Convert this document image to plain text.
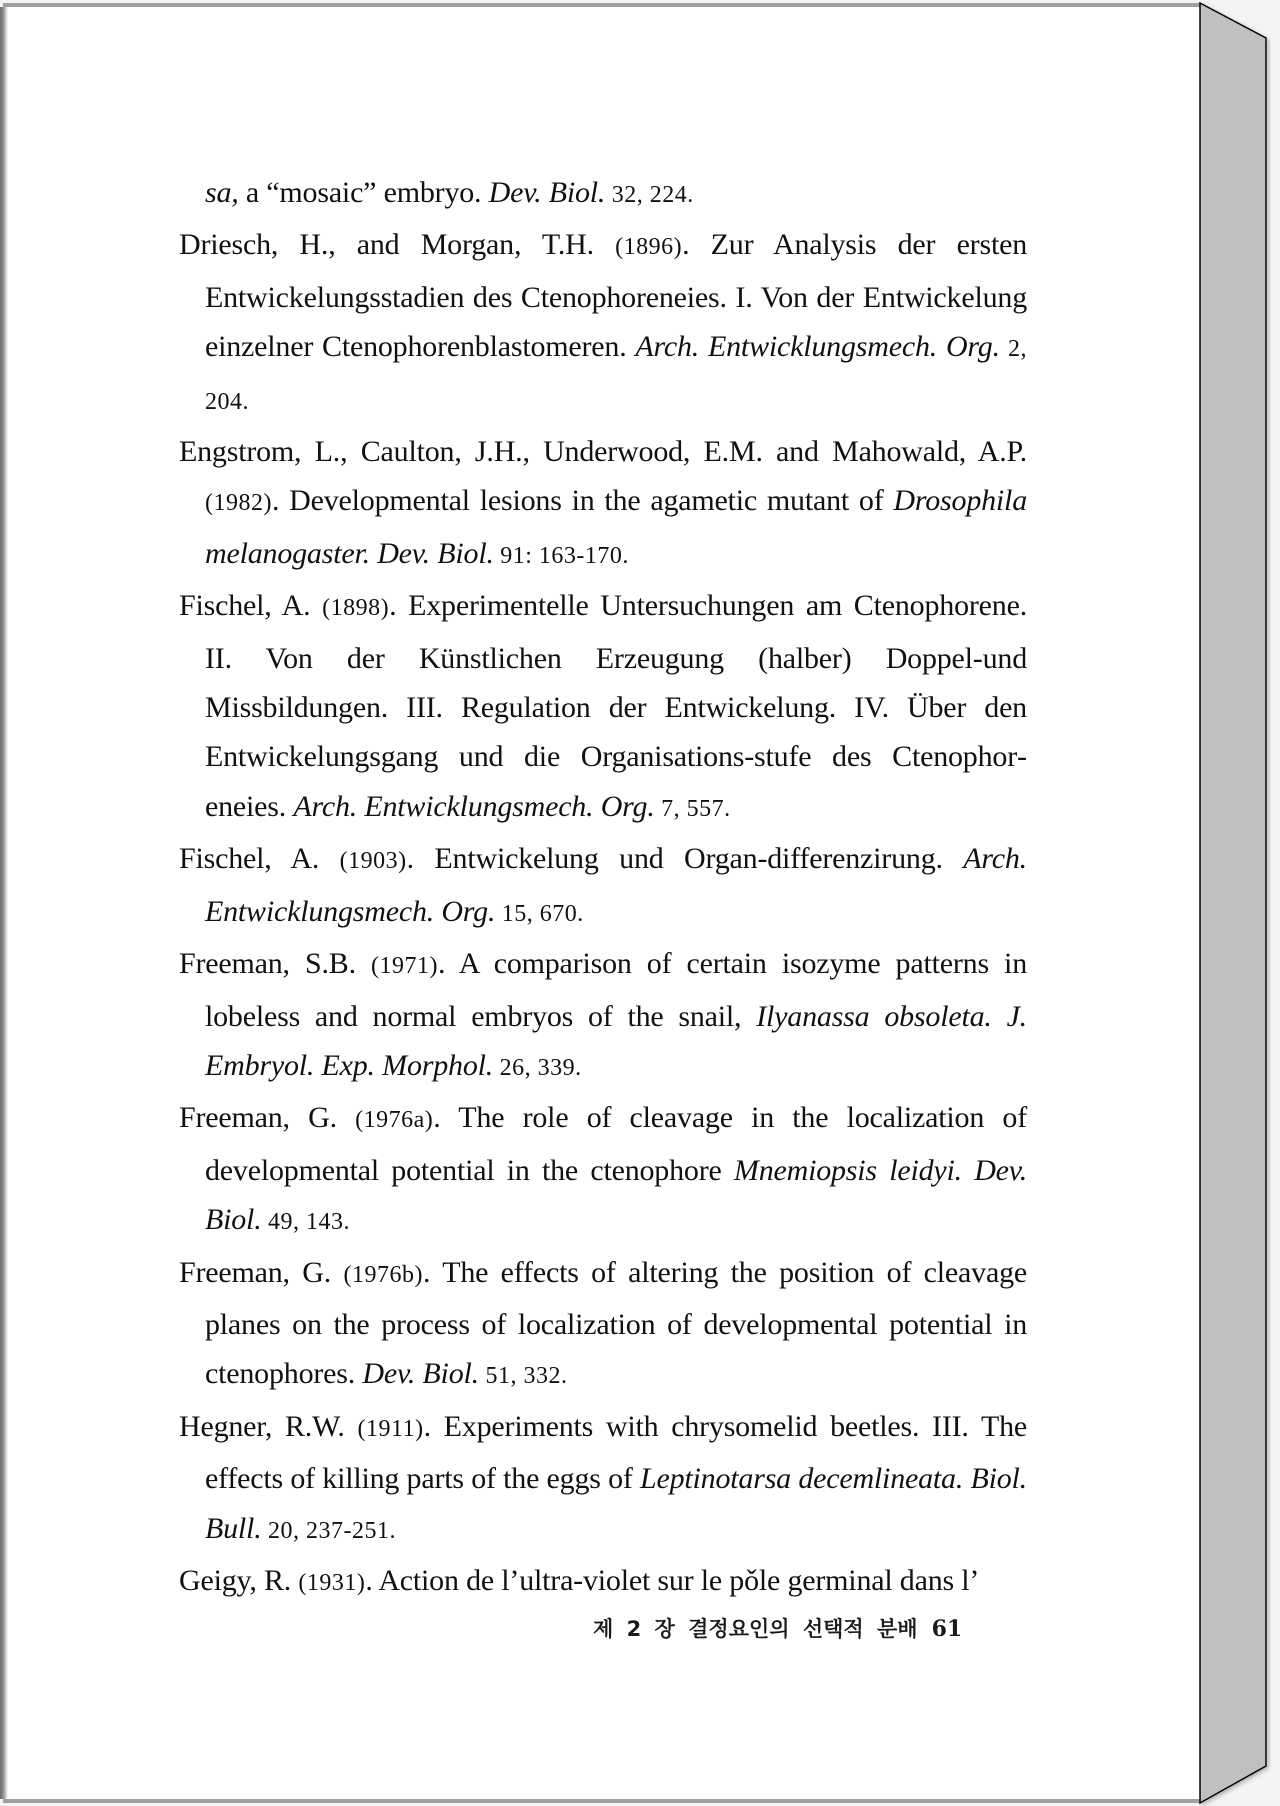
sa, a “mosaic” embryo. Dev. Biol. 32, 224.

Driesch, H., and Morgan, T.H. (1896). Zur Analysis der ersten Entwickelungsstadien des Ctenophoreneies. I. Von der Entwickelung einzelner Ctenophorenblastomeren. Arch. Entwicklungsmech. Org. 2, 204.

Engstrom, L., Caulton, J.H., Underwood, E.M. and Mahowald, A.P. (1982). Developmental lesions in the agametic mutant of Drosophila melanogaster. Dev. Biol. 91: 163-170.

Fischel, A. (1898). Experimentelle Untersuchungen am Ctenophorene. II. Von der Künstlichen Erzeugung (halber) Doppel-und Missbildungen. III. Regulation der Entwickelung. IV. Über den Entwickelungsgang und die Organisations-stufe des Ctenophoreneies. Arch. Entwicklungsmech. Org. 7, 557.

Fischel, A. (1903). Entwickelung und Organ-differenzirung. Arch. Entwicklungsmech. Org. 15, 670.

Freeman, S.B. (1971). A comparison of certain isozyme patterns in lobeless and normal embryos of the snail, Ilyanassa obsoleta. J. Embryol. Exp. Morphol. 26, 339.

Freeman, G. (1976a). The role of cleavage in the localization of developmental potential in the ctenophore Mnemiopsis leidyi. Dev. Biol. 49, 143.

Freeman, G. (1976b). The effects of altering the position of cleavage planes on the process of localization of developmental potential in ctenophores. Dev. Biol. 51, 332.

Hegner, R.W. (1911). Experiments with chrysomelid beetles. III. The effects of killing parts of the eggs of Leptinotarsa decemlineata. Biol. Bull. 20, 237-251.

Geigy, R. (1931). Action de l’ultra-violet sur le pǒle germinal dans l’

제 2 장 결정요인의 선택적 분배 61
